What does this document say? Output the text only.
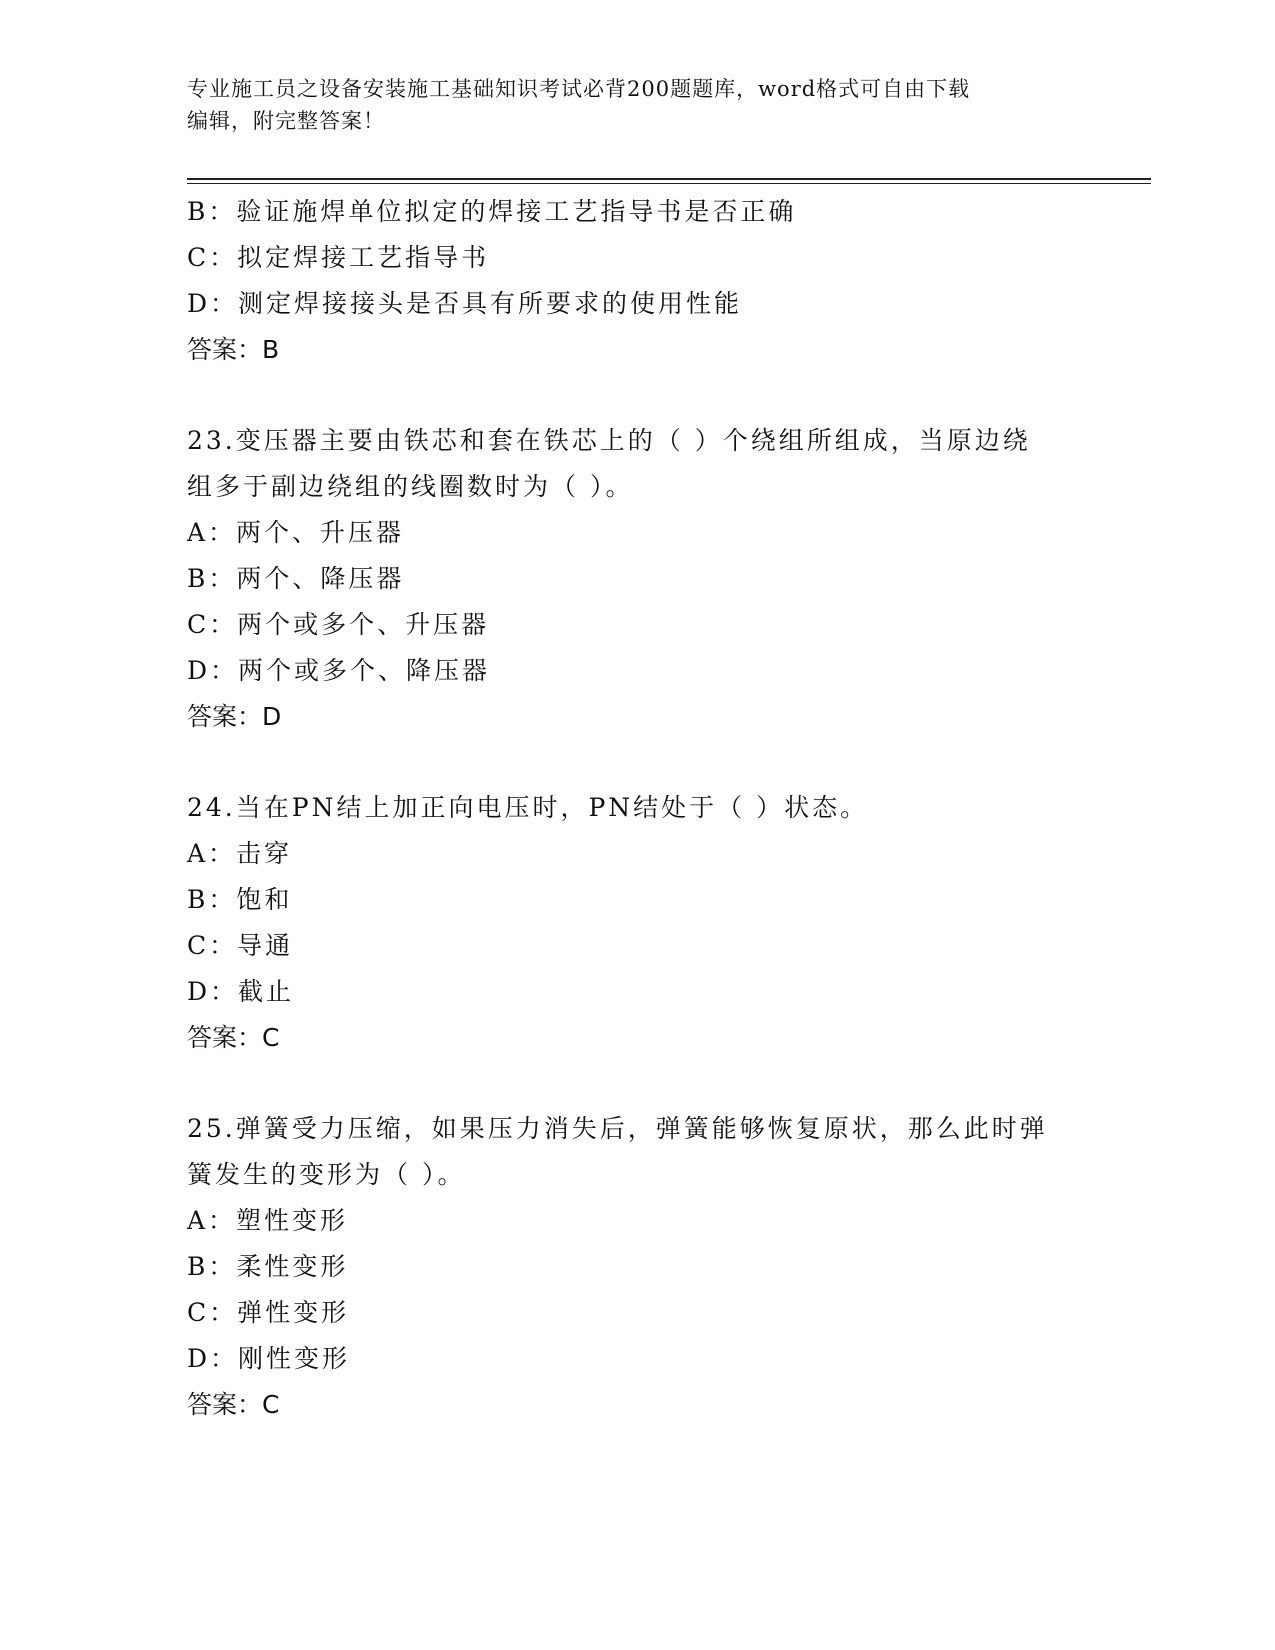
专业施工员之设备安装施工基础知识考试必背200题题库，word格式可自由下载
编辑，附完整答案！
B：验证施焊单位拟定的焊接工艺指导书是否正确
C：拟定焊接工艺指导书
D：测定焊接接头是否具有所要求的使用性能
答案：B
23.变压器主要由铁芯和套在铁芯上的（ ）个绕组所组成，当原边绕
组多于副边绕组的线圈数时为（ ）。
A：两个、升压器
B：两个、降压器
C：两个或多个、升压器
D：两个或多个、降压器
答案：D
24.当在PN结上加正向电压时，PN结处于（ ）状态。
A：击穿
B：饱和
C：导通
D：截止
答案：C
25.弹簧受力压缩，如果压力消失后，弹簧能够恢复原状，那么此时弹
簧发生的变形为（ ）。
A：塑性变形
B：柔性变形
C：弹性变形
D：刚性变形
答案：C
